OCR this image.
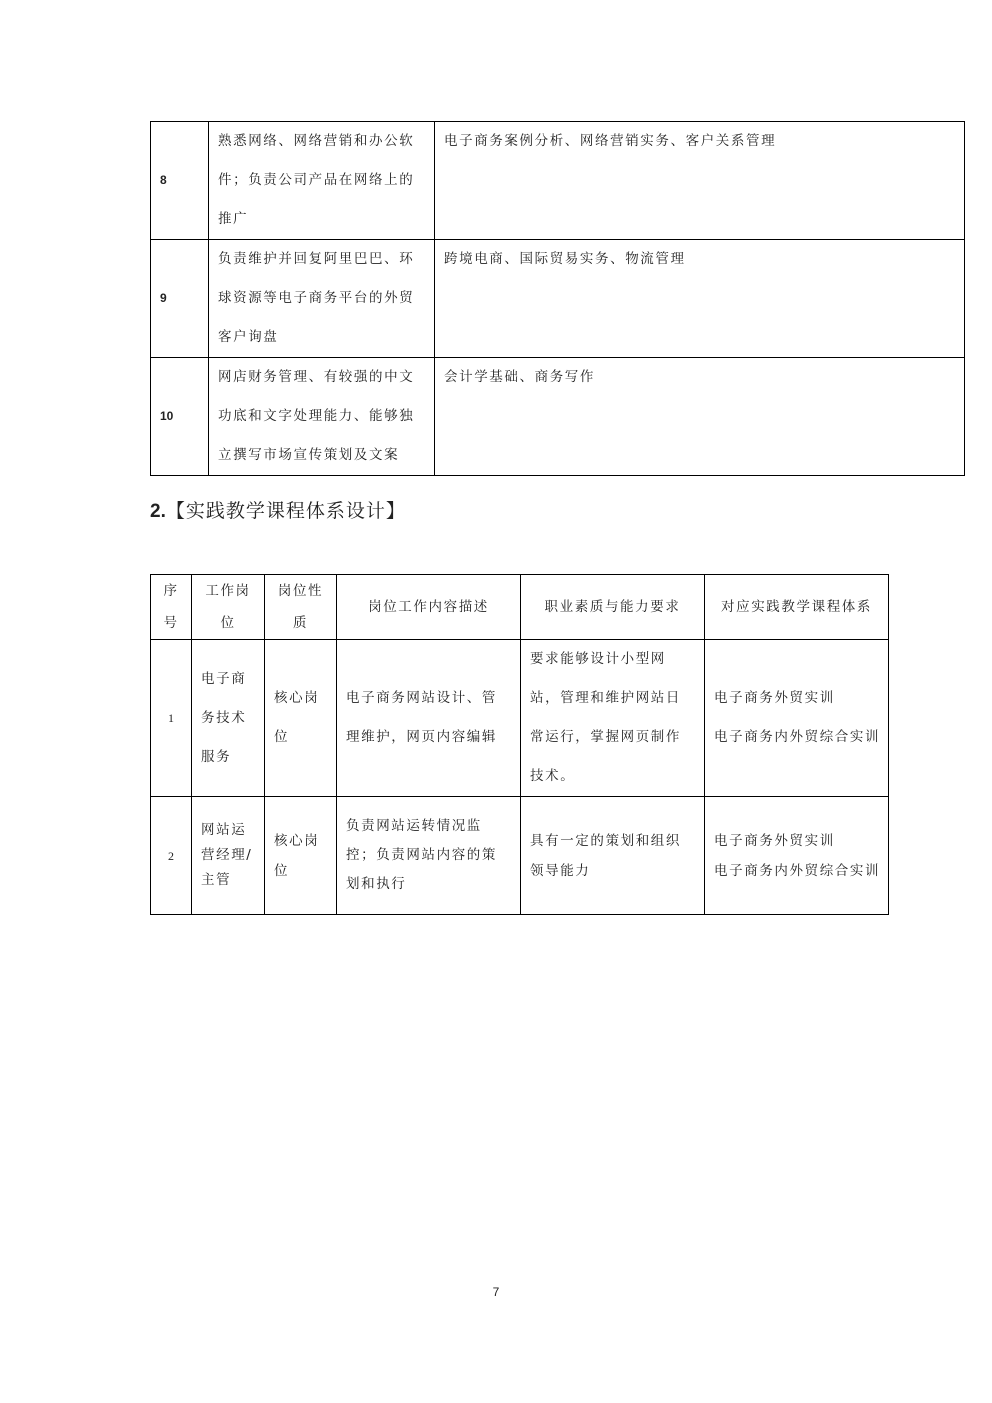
8	熟悉网络、网络营销和办公软件；负责公司产品在网络上的推广	电子商务案例分析、网络营销实务、客户关系管理
9	负责维护并回复阿里巴巴、环球资源等电子商务平台的外贸客户询盘	跨境电商、国际贸易实务、物流管理
10	网店财务管理、有较强的中文功底和文字处理能力、能够独立撰写市场宣传策划及文案	会计学基础、商务写作
2.【实践教学课程体系设计】
序号	工作岗位	岗位性质	岗位工作内容描述	职业素质与能力要求	对应实践教学课程体系
1	电子商务技术服务	核心岗位	电子商务网站设计、管理维护，网页内容编辑	要求能够设计小型网站，管理和维护网站日常运行，掌握网页制作技术。	电子商务外贸实训
电子商务内外贸综合实训

2	网站运营经理/主管	核心岗位	负责网站运转情况监控；负责网站内容的策划和执行	具有一定的策划和组织领导能力	电子商务外贸实训
电子商务内外贸综合实训
7
